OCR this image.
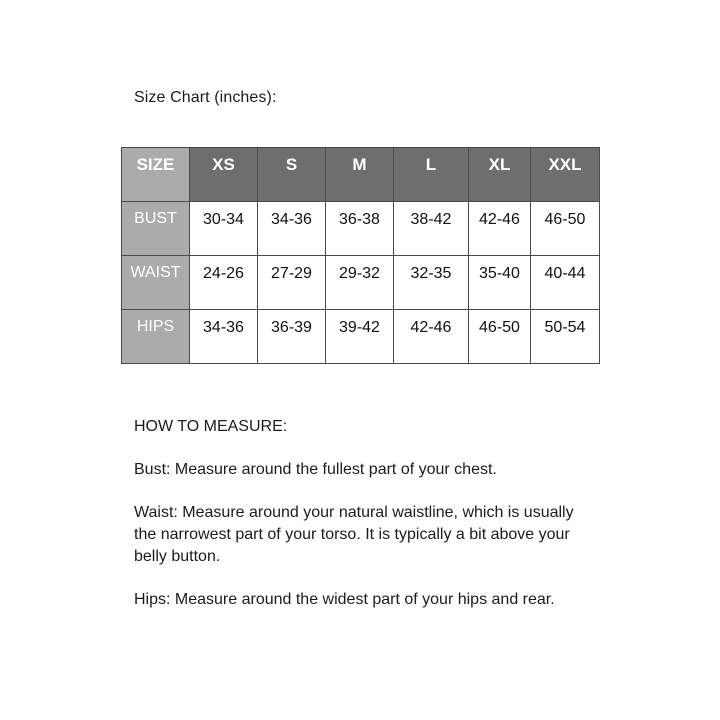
Size Chart (inches):
SIZE	XS	S	M	L	XL	XXL
BUST	30-34	34-36	36-38	38-42	42-46	46-50
WAIST	24-26	27-29	29-32	32-35	35-40	40-44
HIPS	34-36	36-39	39-42	42-46	46-50	50-54
HOW TO MEASURE:
Bust: Measure around the fullest part of your chest.
Waist: Measure around your natural waistline, which is usually the narrowest part of your torso. It is typically a bit above your belly button.
Hips: Measure around the widest part of your hips and rear.
